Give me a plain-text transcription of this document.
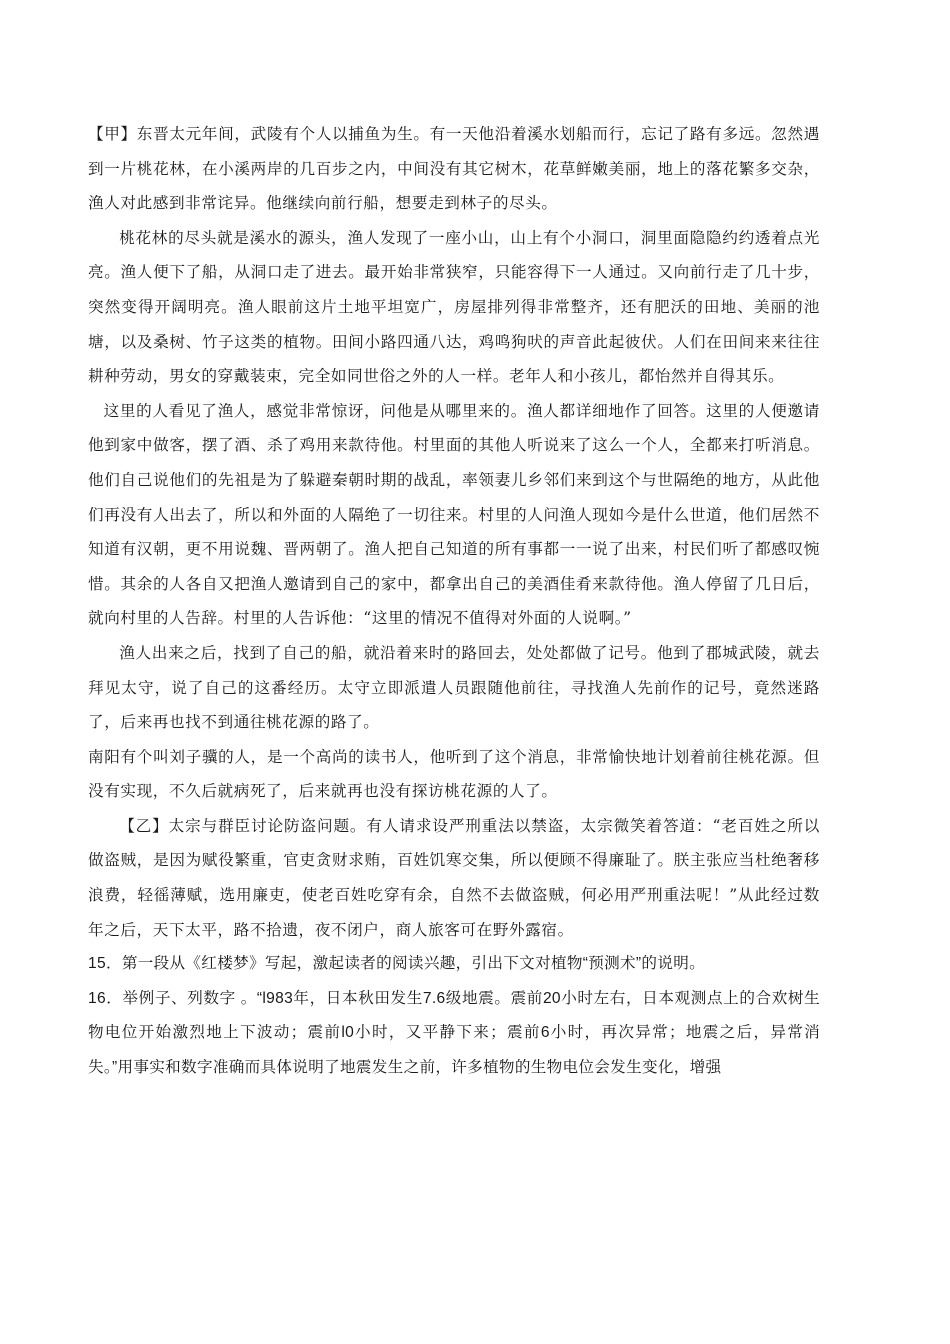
【甲】东晋太元年间，武陵有个人以捕鱼为生。有一天他沿着溪水划船而行，忘记了路有多远。忽然遇到一片桃花林，在小溪两岸的几百步之内，中间没有其它树木，花草鲜嫩美丽，地上的落花繁多交杂，渔人对此感到非常诧异。他继续向前行船，想要走到林子的尽头。

桃花林的尽头就是溪水的源头，渔人发现了一座小山，山上有个小洞口，洞里面隐隐约约透着点光亮。渔人便下了船，从洞口走了进去。最开始非常狭窄，只能容得下一人通过。又向前行走了几十步，突然变得开阔明亮。渔人眼前这片土地平坦宽广，房屋排列得非常整齐，还有肥沃的田地、美丽的池塘，以及桑树、竹子这类的植物。田间小路四通八达，鸡鸣狗吠的声音此起彼伏。人们在田间来来往往耕种劳动，男女的穿戴装束，完全如同世俗之外的人一样。老年人和小孩儿，都怡然并自得其乐。

这里的人看见了渔人，感觉非常惊讶，问他是从哪里来的。渔人都详细地作了回答。这里的人便邀请他到家中做客，摆了酒、杀了鸡用来款待他。村里面的其他人听说来了这么一个人，全都来打听消息。他们自己说他们的先祖是为了躲避秦朝时期的战乱，率领妻儿乡邻们来到这个与世隔绝的地方，从此他们再没有人出去了，所以和外面的人隔绝了一切往来。村里的人问渔人现如今是什么世道，他们居然不知道有汉朝，更不用说魏、晋两朝了。渔人把自己知道的所有事都一一说了出来，村民们听了都感叹惋惜。其余的人各自又把渔人邀请到自己的家中，都拿出自己的美酒佳肴来款待他。渔人停留了几日后，就向村里的人告辞。村里的人告诉他：“这里的情况不值得对外面的人说啊。”

渔人出来之后，找到了自己的船，就沿着来时的路回去，处处都做了记号。他到了郡城武陵，就去拜见太守，说了自己的这番经历。太守立即派遣人员跟随他前往，寻找渔人先前作的记号，竟然迷路了，后来再也找不到通往桃花源的路了。

南阳有个叫刘子骥的人，是一个高尚的读书人，他听到了这个消息，非常愉快地计划着前往桃花源。但没有实现，不久后就病死了，后来就再也没有探访桃花源的人了。

【乙】太宗与群臣讨论防盗问题。有人请求设严刑重法以禁盗，太宗微笑着答道：“老百姓之所以做盗贼，是因为赋役繁重，官吏贪财求贿，百姓饥寒交集，所以便顾不得廉耻了。朕主张应当杜绝奢移浪费，轻徭薄赋，选用廉吏，使老百姓吃穿有余，自然不去做盗贼，何必用严刑重法呢！”从此经过数年之后，天下太平，路不拾遗，夜不闭户，商人旅客可在野外露宿。

15．第一段从《红楼梦》写起，激起读者的阅读兴趣，引出下文对植物“预测术”的说明。

16．举例子、列数字 。“l983年，日本秋田发生7.6级地震。震前20小时左右，日本观测点上的合欢树生物电位开始激烈地上下波动；震前l0小时，又平静下来；震前6小时，再次异常；地震之后，异常消失。”用事实和数字准确而具体说明了地震发生之前，许多植物的生物电位会发生变化，增强
